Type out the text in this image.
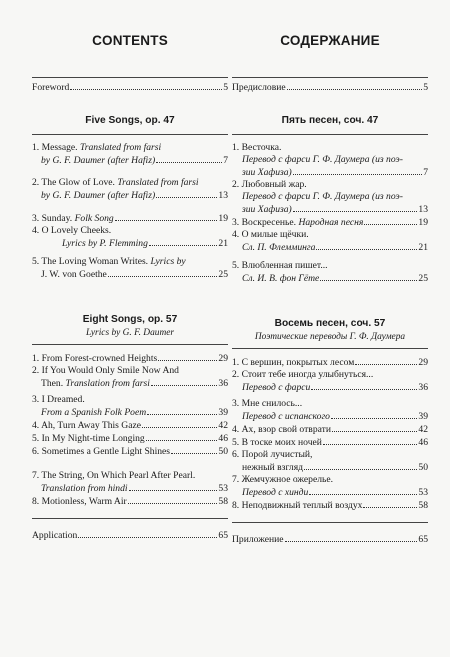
CONTENTS
Foreword	5
Five Songs, op. 47
1. Message. Translated from farsi
by G. F. Daumer (after Hafiz)	7
2. The Glow of Love. Translated from farsi
by G. F. Daumer (after Hafiz)	13
3. Sunday. Folk Song	19
4. O Lovely Cheeks.
Lyrics by P. Flemming	21
5. The Loving Woman Writes. Lyrics by
J. W. von Goethe	25
Eight Songs, op. 57
Lyrics by G. F. Daumer
1. From Forest-crowned Heights	29
2. If You Would Only Smile Now And
Then. Translation from farsi	36
3. I Dreamed.
From a Spanish Folk Poem	39
4. Ah, Turn Away This Gaze	42
5. In My Night-time Longing	46
6. Sometimes a Gentle Light Shines	50
7. The String, On Which Pearl After Pearl.
Translation from hindi	53
8. Motionless, Warm Air	58
Application	65
СОДЕРЖАНИЕ
Предисловие	5
Пять песен, соч. 47
1. Весточка.
Перевод с фарси Г. Ф. Даумера (из поэ-
зии Хафиза)	7
2. Любовный жар.
Перевод с фарси Г. Ф. Даумера (из поэ-
зии Хафиза)	13
3. Воскресенье. Народная песня	19
4. О милые щёчки.
Сл. П. Флемминга	21
5. Влюбленная пишет...
Сл. И. В. фон Гёте	25
Восемь песен, соч. 57
Поэтические переводы Г. Ф. Даумера
1. С вершин, покрытых лесом	29
2. Стоит тебе иногда улыбнуться...
Перевод с фарси	36
3. Мне снилось...
Перевод с испанского	39
4. Ах, взор свой отврати	42
5. В тоске моих ночей	46
6. Порой лучистый,
нежный взгляд	50
7. Жемчужное ожерелье.
Перевод с хинди	53
8. Неподвижный теплый воздух	58
Приложение	65
